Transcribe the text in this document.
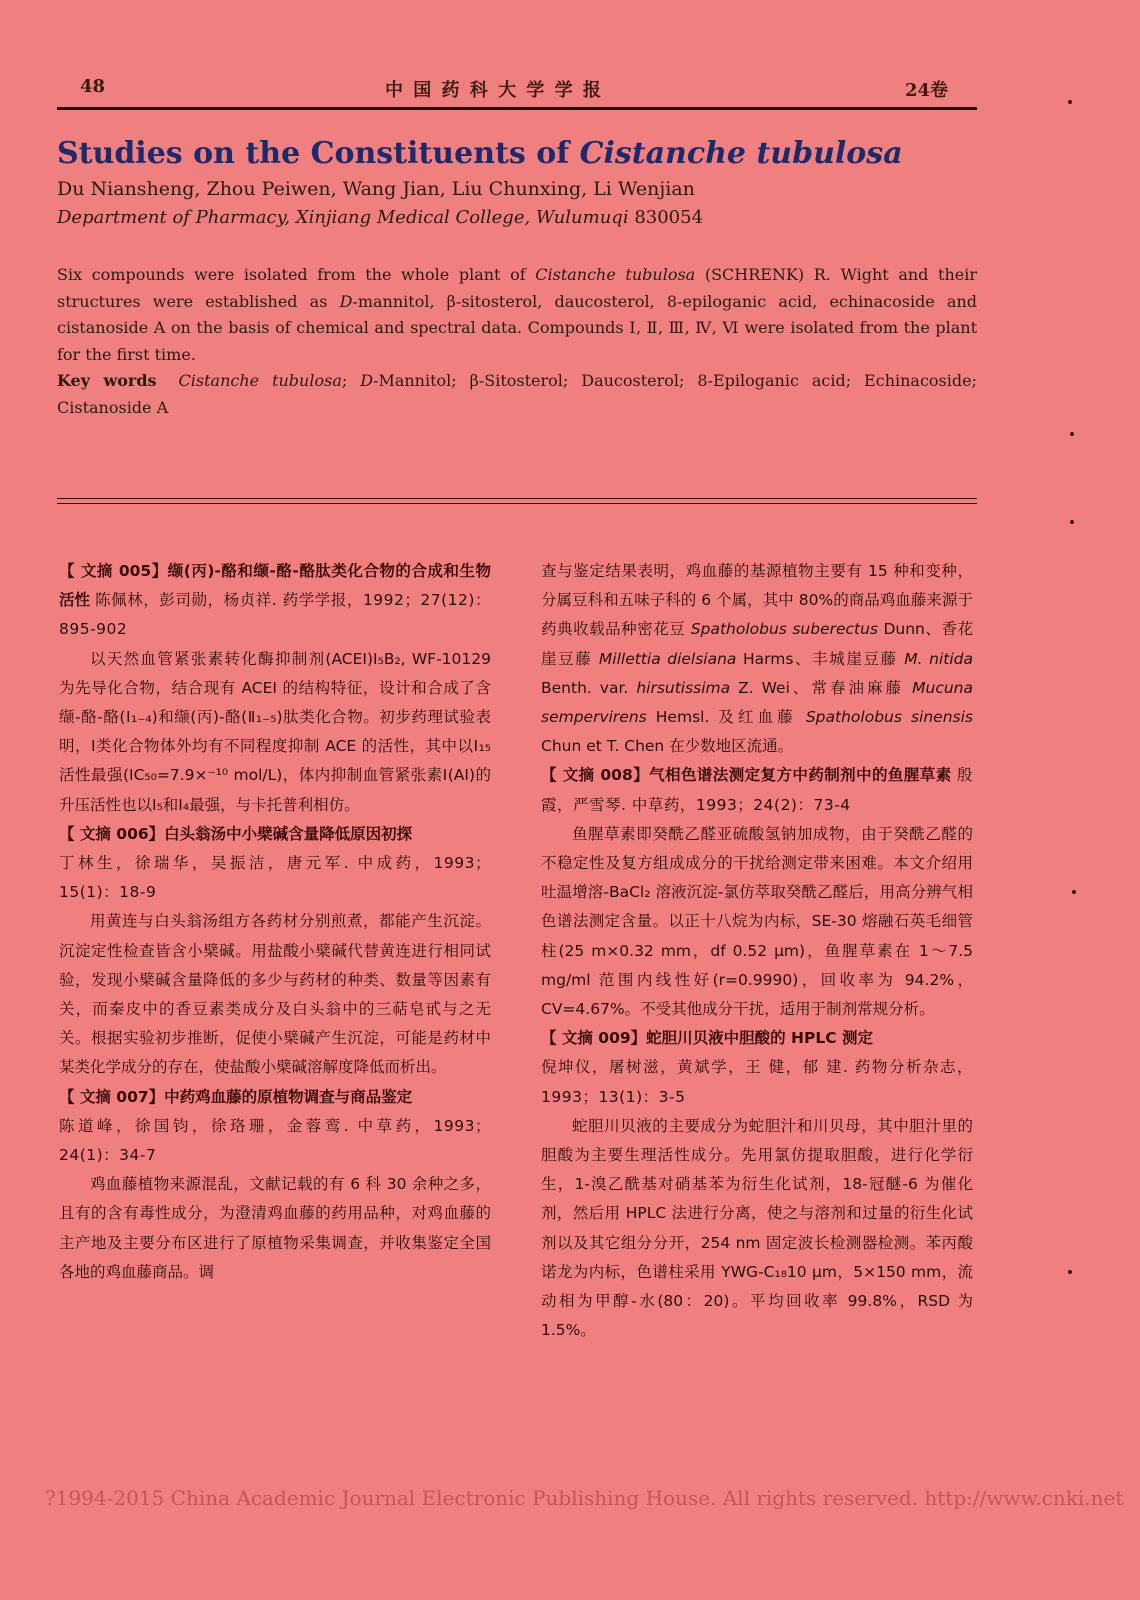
48	中 国 药 科 大 学 学 报	24卷
Studies on the Constituents of Cistanche tubulosa
Du Niansheng, Zhou Peiwen, Wang Jian, Liu Chunxing, Li Wenjian
Department of Pharmacy, Xinjiang Medical College, Wulumuqi 830054
Six compounds were isolated from the whole plant of Cistanche tubulosa (SCHRENK) R. Wight and their structures were established as D-mannitol, β-sitosterol, daucosterol, 8-epiloganic acid, echinacoside and cistanoside A on the basis of chemical and spectral data. Compounds Ⅰ, Ⅱ, Ⅲ, Ⅳ, Ⅵ were isolated from the plant for the first time.
Key words Cistanche tubulosa; D-Mannitol; β-Sitosterol; Daucosterol; 8-Epiloganic acid; Echinacoside; Cistanoside A
【 文摘 005】缬(丙)-酪和缬-酪-酪肽类化合物的合成和生物活性 陈佩林，彭司勋，杨贞祥. 药学学报，1992；27(12)：895-902
以天然血管紧张素转化酶抑制剂(ACEI)I₅B₂, WF-10129 为先导化合物，结合现有 ACEI 的结构特征，设计和合成了含缬-酪-酪(Ⅰ₁₋₄)和缬(丙)-酪(Ⅱ₁₋₅)肽类化合物。初步药理试验表明，Ⅰ类化合物体外均有不同程度抑制 ACE 的活性，其中以Ⅰ₁₅活性最强(IC₅₀=7.9×⁻¹⁰ mol/L)，体内抑制血管紧张素Ⅰ(AI)的升压活性也以Ⅰ₅和Ⅰ₄最强，与卡托普利相仿。
【 文摘 006】白头翁汤中小檗碱含量降低原因初探
丁林生，徐瑞华，吴振洁，唐元军. 中成药，1993；15(1)：18-9
用黄连与白头翁汤组方各药材分别煎煮，都能产生沉淀。沉淀定性检查皆含小檗碱。用盐酸小檗碱代替黄连进行相同试验，发现小檗碱含量降低的多少与药材的种类、数量等因素有关，而秦皮中的香豆素类成分及白头翁中的三萜皂甙与之无关。根据实验初步推断，促使小檗碱产生沉淀，可能是药材中某类化学成分的存在，使盐酸小檗碱溶解度降低而析出。
【 文摘 007】中药鸡血藤的原植物调查与商品鉴定
陈道峰，徐国钧，徐珞珊，金蓉鸾. 中草药，1993；24(1)：34-7
鸡血藤植物来源混乱，文献记载的有 6 科 30 余种之多，且有的含有毒性成分，为澄清鸡血藤的药用品种，对鸡血藤的主产地及主要分布区进行了原植物采集调查，并收集鉴定全国各地的鸡血藤商品。调
查与鉴定结果表明，鸡血藤的基源植物主要有 15 种和变种，分属豆科和五味子科的 6 个属，其中 80%的商品鸡血藤来源于药典收载品种密花豆 Spatholobus suberectus Dunn、香花崖豆藤 Millettia dielsiana Harms、丰城崖豆藤 M. nitida Benth. var. hirsutissima Z. Wei、常春油麻藤 Mucuna sempervirens Hemsl. 及红血藤 Spatholobus sinensis Chun et T. Chen 在少数地区流通。
【 文摘 008】气相色谱法测定复方中药制剂中的鱼腥草素 殷 霞，严雪琴. 中草药，1993；24(2)：73-4
鱼腥草素即癸酰乙醛亚硫酸氢钠加成物，由于癸酰乙醛的不稳定性及复方组成成分的干扰给测定带来困难。本文介绍用吐温增溶-BaCl₂ 溶液沉淀-氯仿萃取癸酰乙醛后，用高分辨气相色谱法测定含量。以正十八烷为内标，SE-30 熔融石英毛细管柱(25 m×0.32 mm，df 0.52 μm)，鱼腥草素在 1～7.5 mg/ml 范围内线性好(r=0.9990)，回收率为 94.2%，CV=4.67%。不受其他成分干扰，适用于制剂常规分析。
【 文摘 009】蛇胆川贝液中胆酸的 HPLC 测定
倪坤仪，屠树滋，黄斌学，王 健，郁 建. 药物分析杂志，1993；13(1)：3-5
蛇胆川贝液的主要成分为蛇胆汁和川贝母，其中胆汁里的胆酸为主要生理活性成分。先用氯仿提取胆酸，进行化学衍生，1-溴乙酰基对硝基苯为衍生化试剂，18-冠醚-6 为催化剂，然后用 HPLC 法进行分离，使之与溶剂和过量的衍生化试剂以及其它组分分开，254 nm 固定波长检测器检测。苯丙酸诺龙为内标，色谱柱采用 YWG-C₁₈10 μm，5×150 mm，流动相为甲醇-水(80：20)。平均回收率 99.8%，RSD 为 1.5%。
?1994-2015 China Academic Journal Electronic Publishing House. All rights reserved. http://www.cnki.net
